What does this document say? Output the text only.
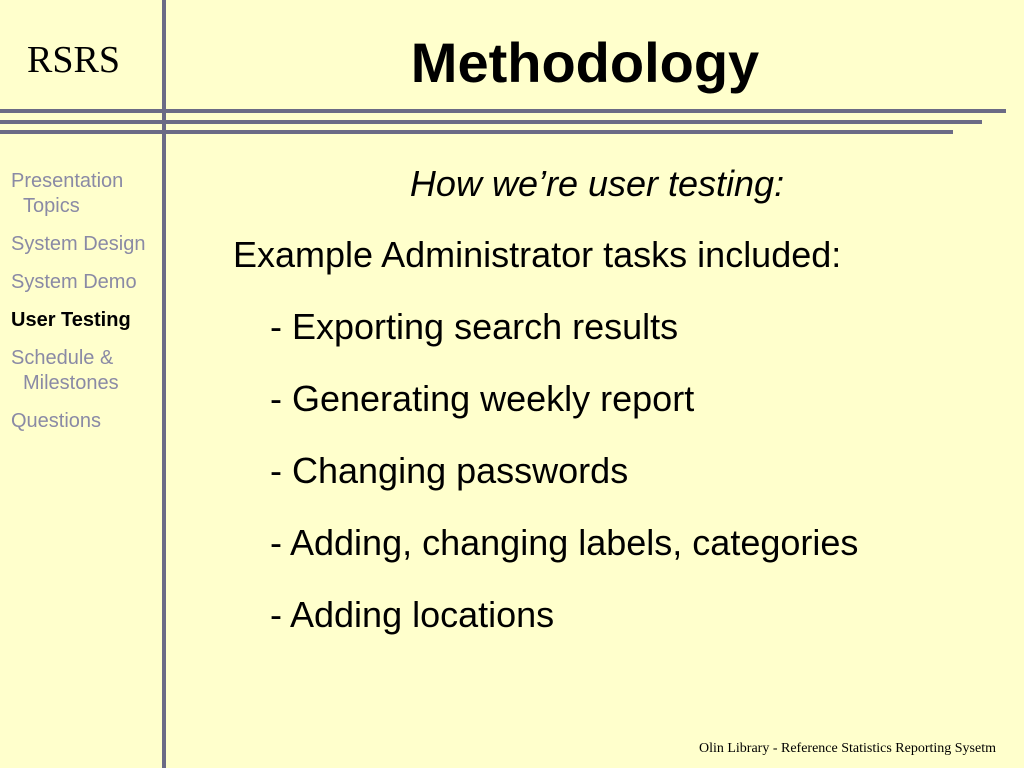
RSRS	Methodology
Presentation Topics
System Design
System Demo
User Testing
Schedule & Milestones
Questions
How we’re user testing:
Example Administrator tasks included:
- Exporting search results
- Generating weekly report
- Changing passwords
- Adding, changing labels, categories
- Adding locations
Olin Library - Reference Statistics Reporting Sysetm
